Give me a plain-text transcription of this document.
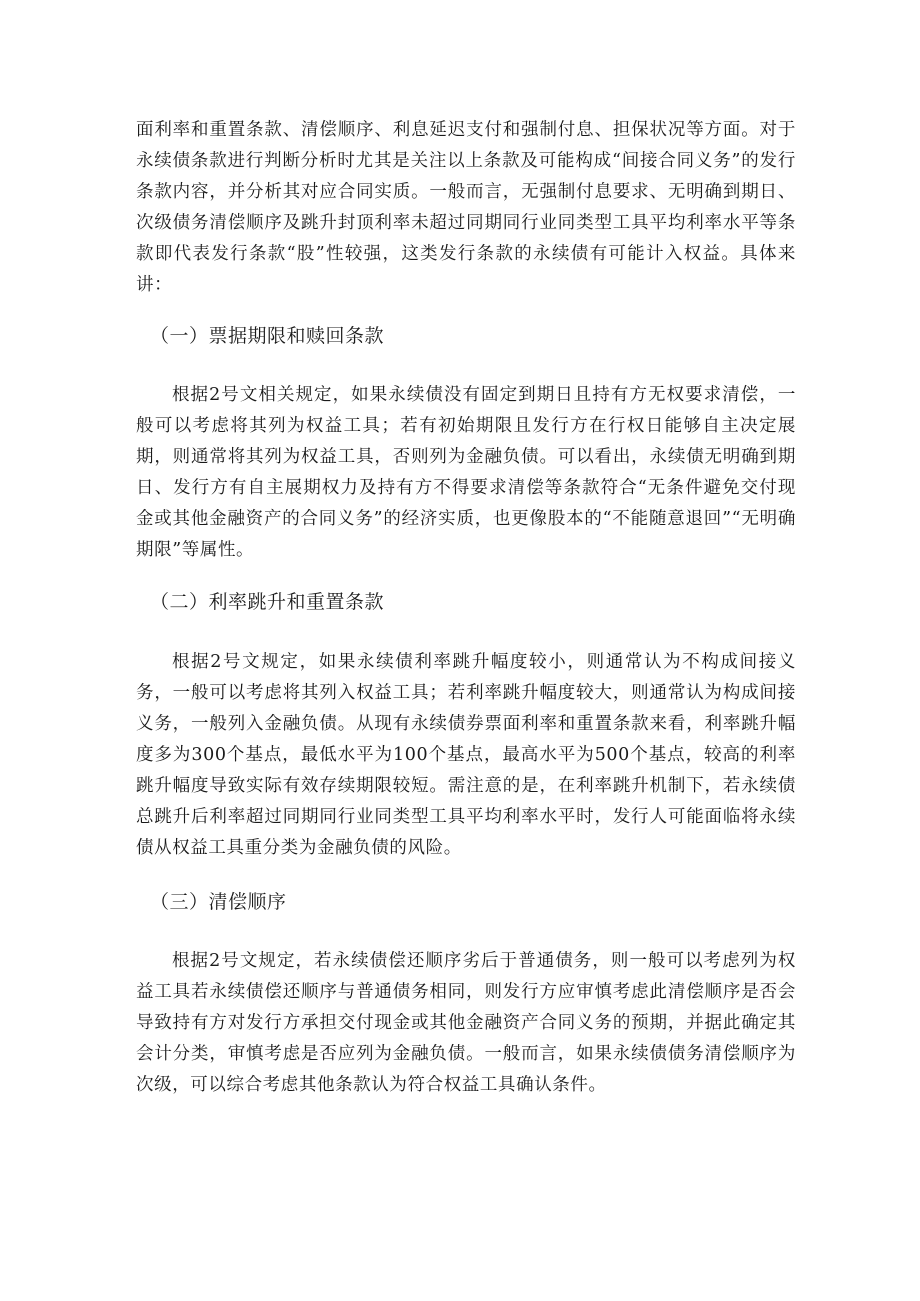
面利率和重置条款、清偿顺序、利息延迟支付和强制付息、担保状况等方面。对于永续债条款进行判断分析时尤其是关注以上条款及可能构成“间接合同义务”的发行条款内容，并分析其对应合同实质。一般而言，无强制付息要求、无明确到期日、次级债务清偿顺序及跳升封顶利率未超过同期同行业同类型工具平均利率水平等条款即代表发行条款“股”性较强，这类发行条款的永续债有可能计入权益。具体来讲：

（一）票据期限和赎回条款

根据2号文相关规定，如果永续债没有固定到期日且持有方无权要求清偿，一般可以考虑将其列为权益工具；若有初始期限且发行方在行权日能够自主决定展期，则通常将其列为权益工具，否则列为金融负债。可以看出，永续债无明确到期日、发行方有自主展期权力及持有方不得要求清偿等条款符合“无条件避免交付现金或其他金融资产的合同义务”的经济实质，也更像股本的“不能随意退回”“无明确期限”等属性。

（二）利率跳升和重置条款

根据2号文规定，如果永续债利率跳升幅度较小，则通常认为不构成间接义务，一般可以考虑将其列入权益工具；若利率跳升幅度较大，则通常认为构成间接义务，一般列入金融负债。从现有永续债券票面利率和重置条款来看，利率跳升幅度多为300个基点，最低水平为100个基点，最高水平为500个基点，较高的利率跳升幅度导致实际有效存续期限较短。需注意的是，在利率跳升机制下，若永续债总跳升后利率超过同期同行业同类型工具平均利率水平时，发行人可能面临将永续债从权益工具重分类为金融负债的风险。

（三）清偿顺序

根据2号文规定，若永续债偿还顺序劣后于普通债务，则一般可以考虑列为权益工具若永续债偿还顺序与普通债务相同，则发行方应审慎考虑此清偿顺序是否会导致持有方对发行方承担交付现金或其他金融资产合同义务的预期，并据此确定其会计分类，审慎考虑是否应列为金融负债。一般而言，如果永续债债务清偿顺序为次级，可以综合考虑其他条款认为符合权益工具确认条件。
